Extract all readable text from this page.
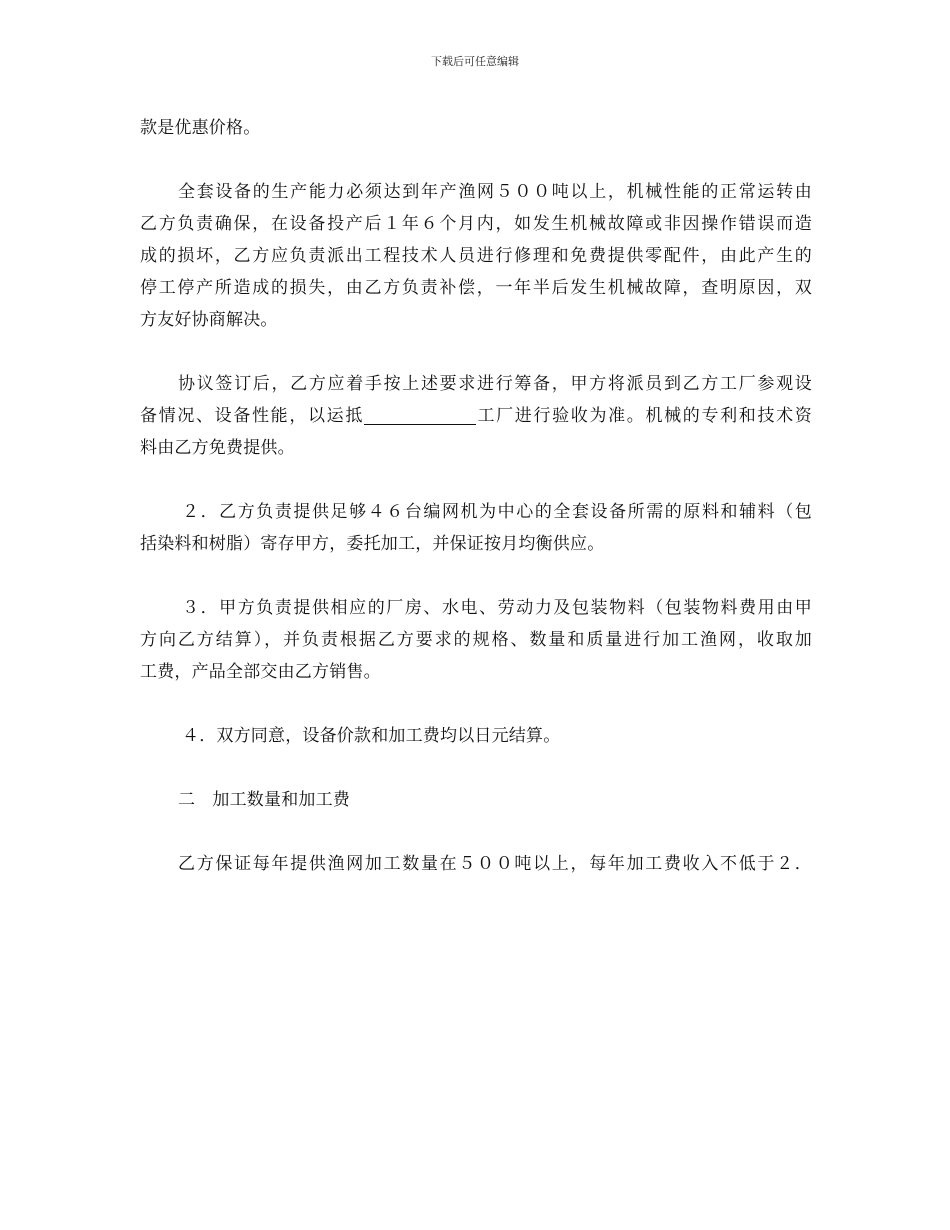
下载后可任意编辑
款是优惠价格。
全套设备的生产能力必须达到年产渔网５００吨以上，机械性能的正常运转由
乙方负责确保，在设备投产后１年６个月内，如发生机械故障或非因操作错误而造
成的损坏，乙方应负责派出工程技术人员进行修理和免费提供零配件，由此产生的
停工停产所造成的损失，由乙方负责补偿，一年半后发生机械故障，查明原因，双
方友好协商解决。
协议签订后，乙方应着手按上述要求进行筹备，甲方将派员到乙方工厂参观设
备情况、设备性能，以运抵	工厂进行验收为准。机械的专利和技术资
料由乙方免费提供。
２．乙方负责提供足够４６台编网机为中心的全套设备所需的原料和辅料（包
括染料和树脂）寄存甲方，委托加工，并保证按月均衡供应。
３．甲方负责提供相应的厂房、水电、劳动力及包装物料（包装物料费用由甲
方向乙方结算），并负责根据乙方要求的规格、数量和质量进行加工渔网，收取加
工费，产品全部交由乙方销售。
４．双方同意，设备价款和加工费均以日元结算。
二　加工数量和加工费
乙方保证每年提供渔网加工数量在５００吨以上，每年加工费收入不低于２．
